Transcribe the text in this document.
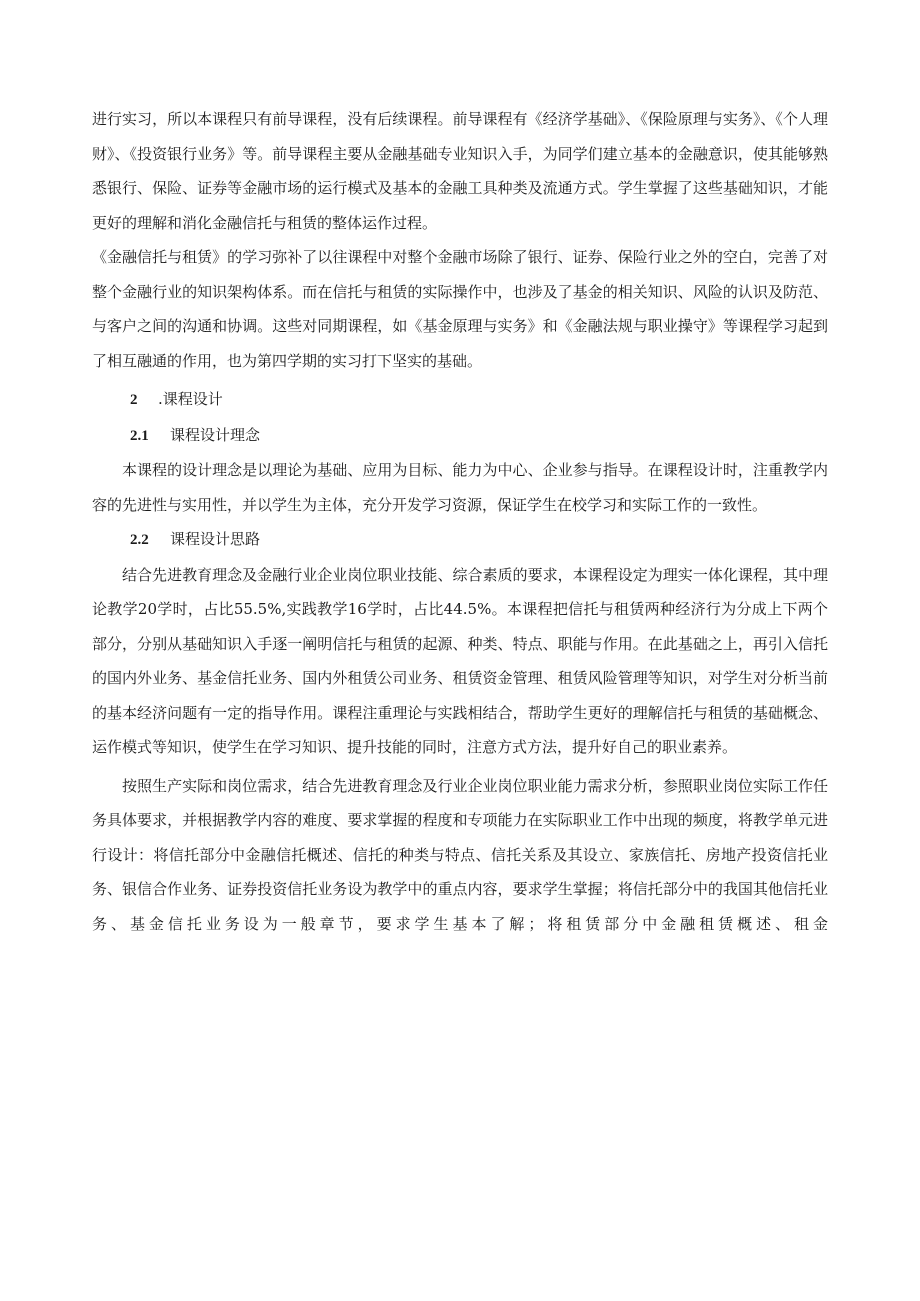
进行实习，所以本课程只有前导课程，没有后续课程。前导课程有《经济学基础》、《保险原理与实务》、《个人理财》、《投资银行业务》等。前导课程主要从金融基础专业知识入手，为同学们建立基本的金融意识，使其能够熟悉银行、保险、证券等金融市场的运行模式及基本的金融工具种类及流通方式。学生掌握了这些基础知识，才能更好的理解和消化金融信托与租赁的整体运作过程。

《金融信托与租赁》的学习弥补了以往课程中对整个金融市场除了银行、证券、保险行业之外的空白，完善了对整个金融行业的知识架构体系。而在信托与租赁的实际操作中，也涉及了基金的相关知识、风险的认识及防范、与客户之间的沟通和协调。这些对同期课程，如《基金原理与实务》和《金融法规与职业操守》等课程学习起到了相互融通的作用，也为第四学期的实习打下坚实的基础。

2 .课程设计

2.1 课程设计理念

本课程的设计理念是以理论为基础、应用为目标、能力为中心、企业参与指导。在课程设计时，注重教学内容的先进性与实用性，并以学生为主体，充分开发学习资源，保证学生在校学习和实际工作的一致性。

2.2 课程设计思路

结合先进教育理念及金融行业企业岗位职业技能、综合素质的要求，本课程设定为理实一体化课程，其中理论教学20学时，占比55.5%,实践教学16学时，占比44.5%。本课程把信托与租赁两种经济行为分成上下两个部分，分别从基础知识入手逐一阐明信托与租赁的起源、种类、特点、职能与作用。在此基础之上，再引入信托的国内外业务、基金信托业务、国内外租赁公司业务、租赁资金管理、租赁风险管理等知识，对学生对分析当前的基本经济问题有一定的指导作用。课程注重理论与实践相结合，帮助学生更好的理解信托与租赁的基础概念、运作模式等知识，使学生在学习知识、提升技能的同时，注意方式方法，提升好自己的职业素养。

按照生产实际和岗位需求，结合先进教育理念及行业企业岗位职业能力需求分析，参照职业岗位实际工作任务具体要求，并根据教学内容的难度、要求掌握的程度和专项能力在实际职业工作中出现的频度，将教学单元进行设计：将信托部分中金融信托概述、信托的种类与特点、信托关系及其设立、家族信托、房地产投资信托业务、银信合作业务、证券投资信托业务设为教学中的重点内容，要求学生掌握；将信托部分中的我国其他信托业务、基金信托业务设为一般章节，要求学生基本了解；将租赁部分中金融租赁概述、租金
